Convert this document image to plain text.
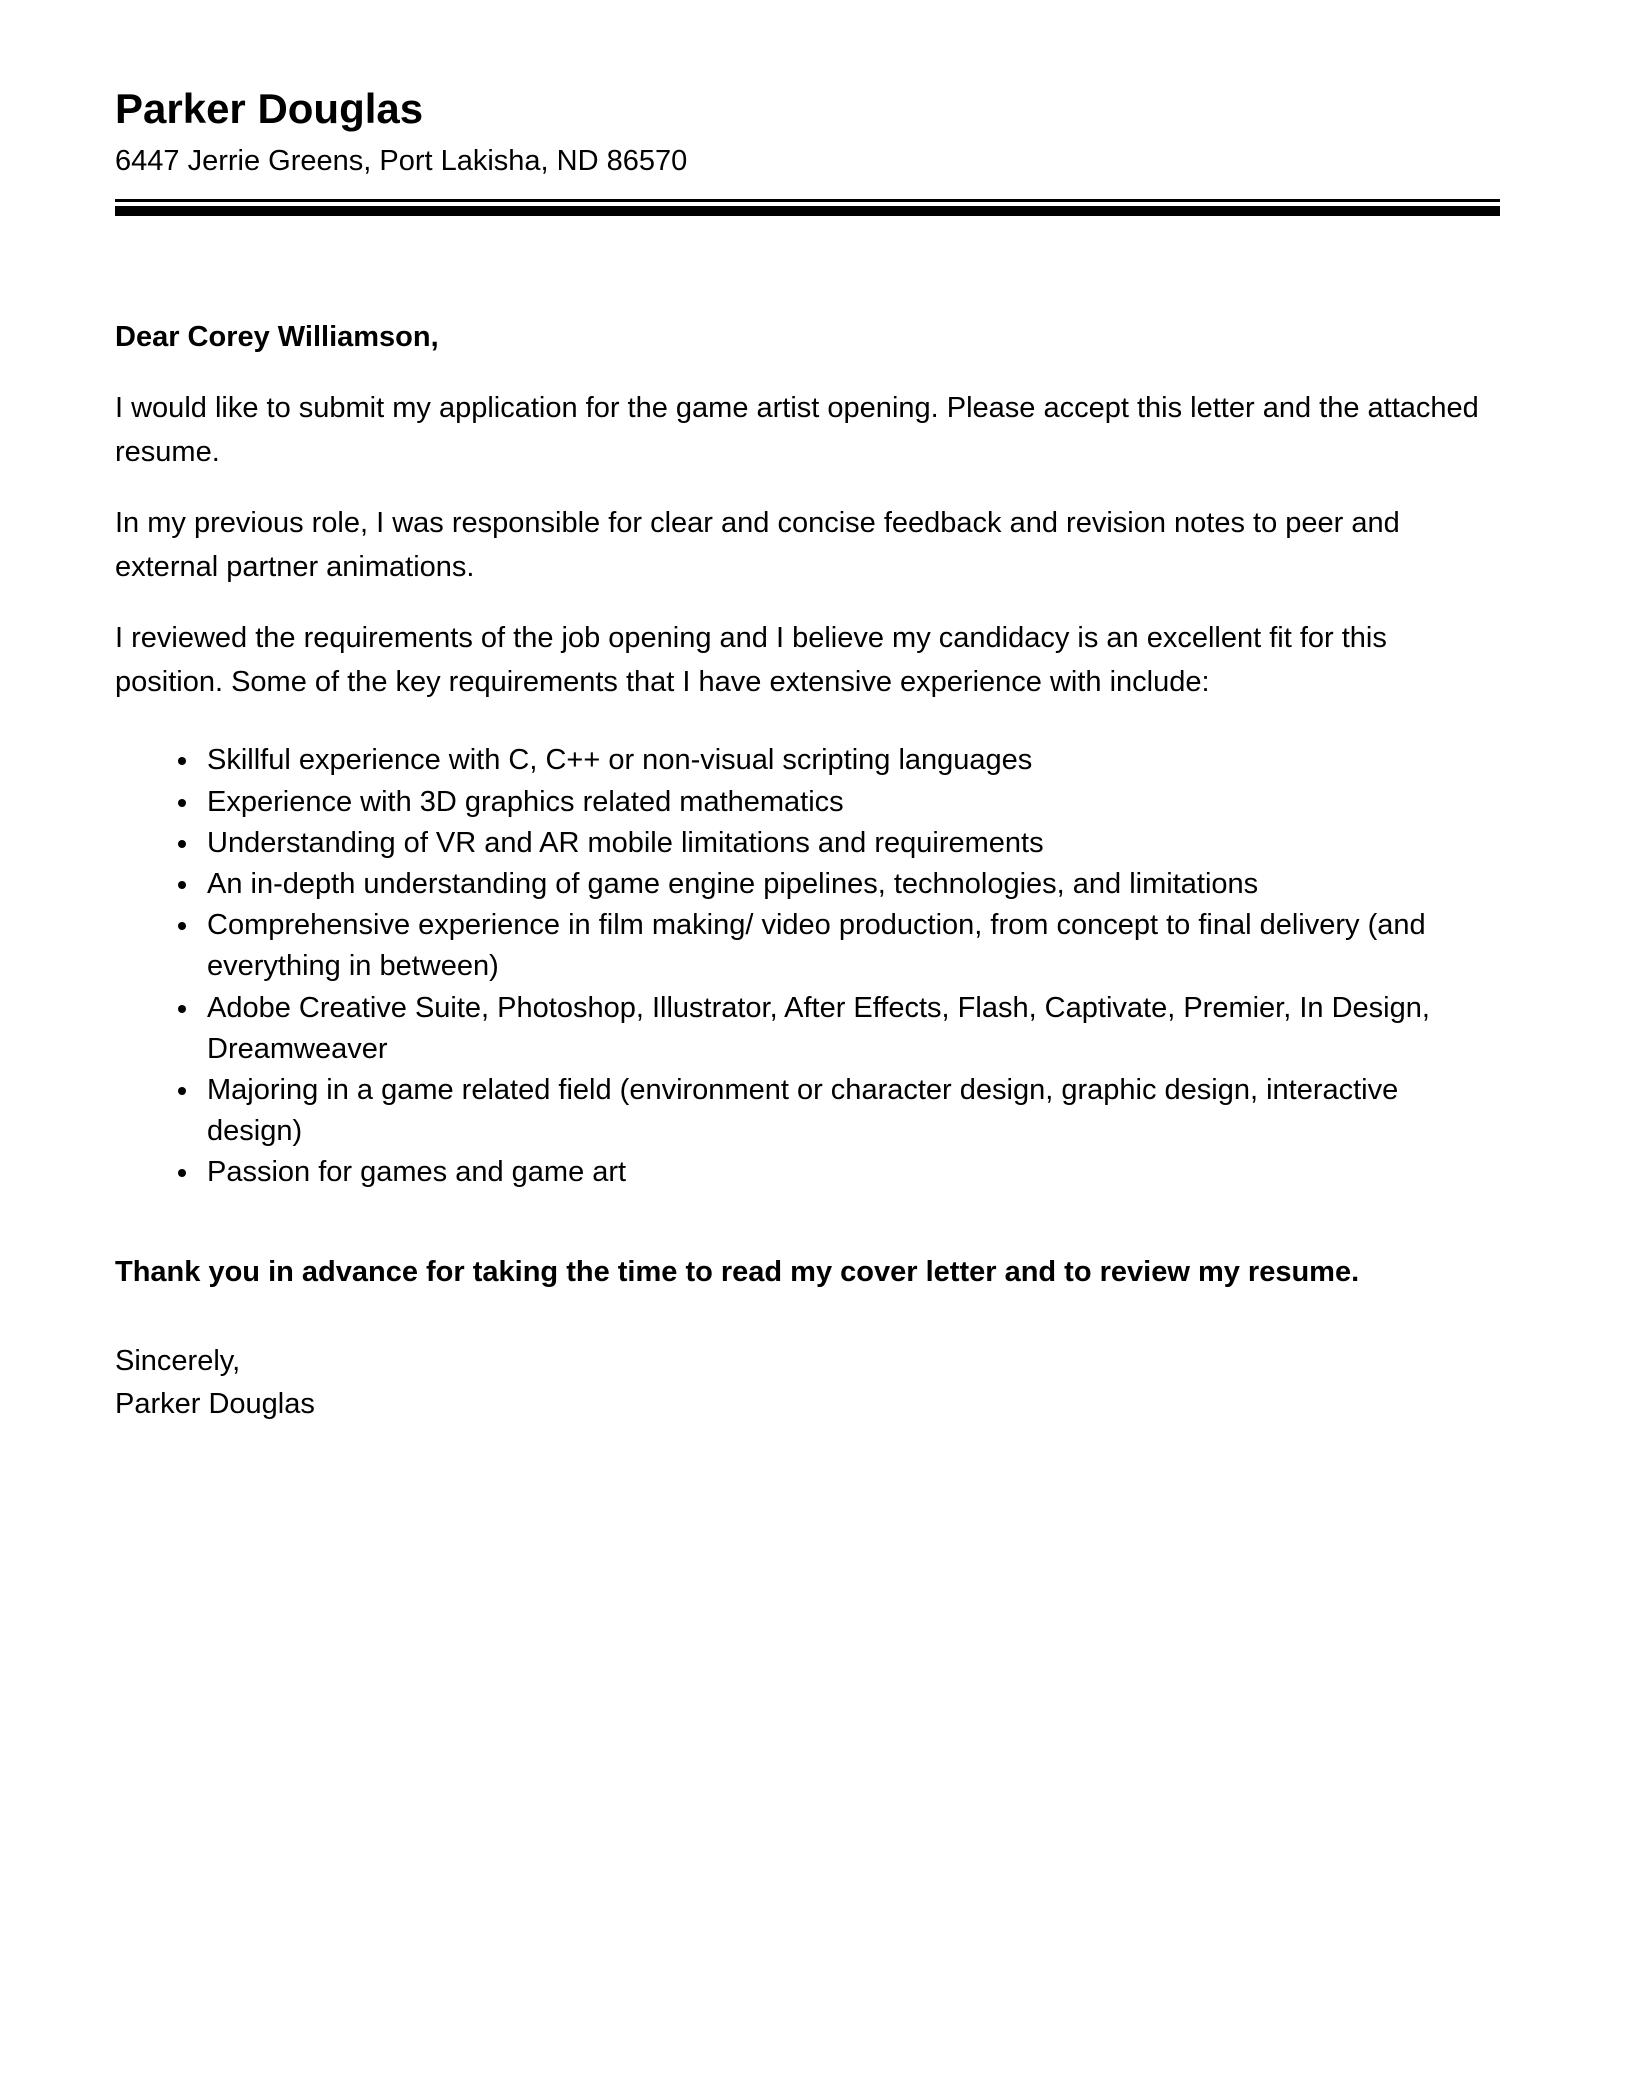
Parker Douglas
6447 Jerrie Greens, Port Lakisha, ND 86570

Dear Corey Williamson,

I would like to submit my application for the game artist opening. Please accept this letter and the attached resume.

In my previous role, I was responsible for clear and concise feedback and revision notes to peer and external partner animations.

I reviewed the requirements of the job opening and I believe my candidacy is an excellent fit for this position. Some of the key requirements that I have extensive experience with include:

• Skillful experience with C, C++ or non-visual scripting languages
• Experience with 3D graphics related mathematics
• Understanding of VR and AR mobile limitations and requirements
• An in-depth understanding of game engine pipelines, technologies, and limitations
• Comprehensive experience in film making/ video production, from concept to final delivery (and everything in between)
• Adobe Creative Suite, Photoshop, Illustrator, After Effects, Flash, Captivate, Premier, In Design, Dreamweaver
• Majoring in a game related field (environment or character design, graphic design, interactive design)
• Passion for games and game art

Thank you in advance for taking the time to read my cover letter and to review my resume.

Sincerely,
Parker Douglas
